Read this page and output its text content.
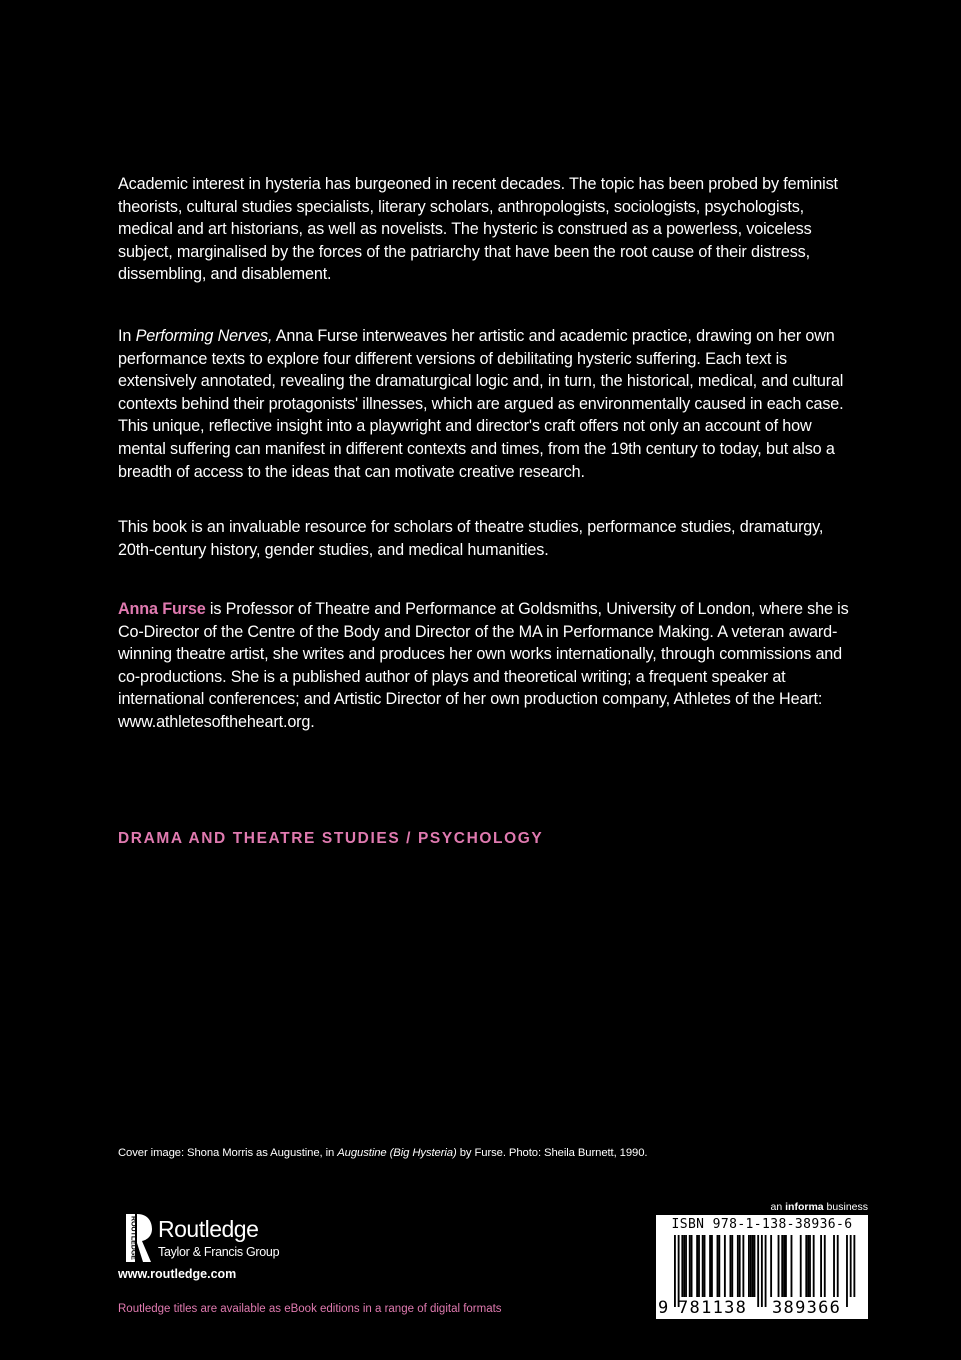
Academic interest in hysteria has burgeoned in recent decades. The topic has been probed by feminist theorists, cultural studies specialists, literary scholars, anthropologists, sociologists, psychologists, medical and art historians, as well as novelists. The hysteric is construed as a powerless, voiceless subject, marginalised by the forces of the patriarchy that have been the root cause of their distress, dissembling, and disablement.

In Performing Nerves, Anna Furse interweaves her artistic and academic practice, drawing on her own performance texts to explore four different versions of debilitating hysteric suffering. Each text is extensively annotated, revealing the dramaturgical logic and, in turn, the historical, medical, and cultural contexts behind their protagonists' illnesses, which are argued as environmentally caused in each case. This unique, reflective insight into a playwright and director's craft offers not only an account of how mental suffering can manifest in different contexts and times, from the 19th century to today, but also a breadth of access to the ideas that can motivate creative research.

This book is an invaluable resource for scholars of theatre studies, performance studies, dramaturgy, 20th-century history, gender studies, and medical humanities.

Anna Furse is Professor of Theatre and Performance at Goldsmiths, University of London, where she is Co-Director of the Centre of the Body and Director of the MA in Performance Making. A veteran award-winning theatre artist, she writes and produces her own works internationally, through commissions and co-productions. She is a published author of plays and theoretical writing; a frequent speaker at international conferences; and Artistic Director of her own production company, Athletes of the Heart: www.athletesoftheheart.org.

DRAMA AND THEATRE STUDIES / PSYCHOLOGY
Cover image: Shona Morris as Augustine, in Augustine (Big Hysteria) by Furse. Photo: Sheila Burnett, 1990.
ROUTLEDGE Routledge
Taylor & Francis Group
www.routledge.com
Routledge titles are available as eBook editions in a range of digital formats
an informa business
ISBN 978-1-138-38936-6
9 781138 389366
